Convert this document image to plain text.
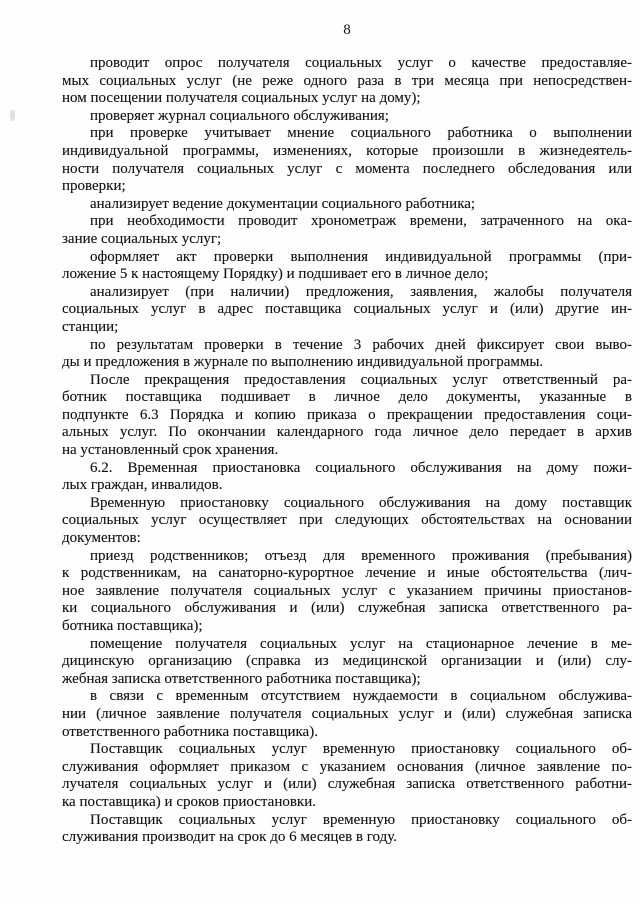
8
проводит опрос получателя социальных услуг о качестве предоставляе-
мых социальных услуг (не реже одного раза в три месяца при непосредствен-
ном посещении получателя социальных услуг на дому);
проверяет журнал социального обслуживания;
при проверке учитывает мнение социального работника о выполнении
индивидуальной программы, изменениях, которые произошли в жизнедеятель-
ности получателя социальных услуг с момента последнего обследования или
проверки;
анализирует ведение документации социального работника;
при необходимости проводит хронометраж времени, затраченного на ока-
зание социальных услуг;
оформляет акт проверки выполнения индивидуальной программы (при-
ложение 5 к настоящему Порядку) и подшивает его в личное дело;
анализирует (при наличии) предложения, заявления, жалобы получателя
социальных услуг в адрес поставщика социальных услуг и (или) другие ин-
станции;
по результатам проверки в течение 3 рабочих дней фиксирует свои выво-
ды и предложения в журнале по выполнению индивидуальной программы.
После прекращения предоставления социальных услуг ответственный ра-
ботник поставщика подшивает в личное дело документы, указанные в
подпункте 6.3 Порядка и копию приказа о прекращении предоставления соци-
альных услуг. По окончании календарного года личное дело передает в архив
на установленный срок хранения.
6.2. Временная приостановка социального обслуживания на дому пожи-
лых граждан, инвалидов.
Временную приостановку социального обслуживания на дому поставщик
социальных услуг осуществляет при следующих обстоятельствах на основании
документов:
приезд родственников; отъезд для временного проживания (пребывания)
к родственникам, на санаторно-курортное лечение и иные обстоятельства (лич-
ное заявление получателя социальных услуг с указанием причины приостанов-
ки социального обслуживания и (или) служебная записка ответственного ра-
ботника поставщика);
помещение получателя социальных услуг на стационарное лечение в ме-
дицинскую организацию (справка из медицинской организации и (или) слу-
жебная записка ответственного работника поставщика);
в связи с временным отсутствием нуждаемости в социальном обслужива-
нии (личное заявление получателя социальных услуг и (или) служебная записка
ответственного работника поставщика).
Поставщик социальных услуг временную приостановку социального об-
служивания оформляет приказом с указанием основания (личное заявление по-
лучателя социальных услуг и (или) служебная записка ответственного работни-
ка поставщика) и сроков приостановки.
Поставщик социальных услуг временную приостановку социального об-
служивания производит на срок до 6 месяцев в году.
